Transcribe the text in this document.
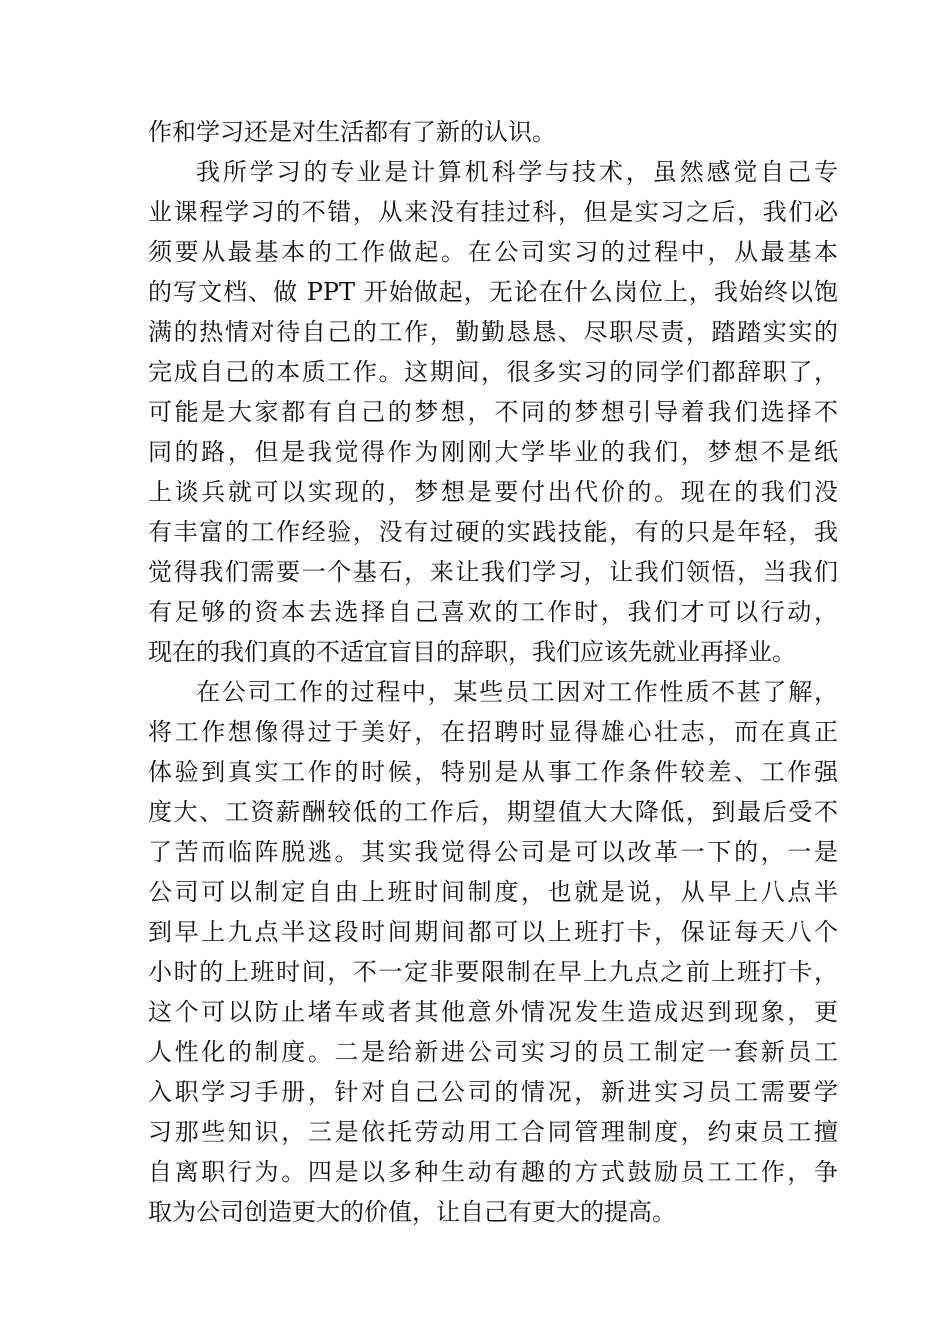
作和学习还是对生活都有了新的认识。
我所学习的专业是计算机科学与技术，虽然感觉自己专
业课程学习的不错，从来没有挂过科，但是实习之后，我们必
须要从最基本的工作做起。在公司实习的过程中，从最基本
的写文档、做 PPT 开始做起，无论在什么岗位上，我始终以饱
满的热情对待自己的工作，勤勤恳恳、尽职尽责，踏踏实实的
完成自己的本质工作。这期间，很多实习的同学们都辞职了，
可能是大家都有自己的梦想，不同的梦想引导着我们选择不
同的路，但是我觉得作为刚刚大学毕业的我们，梦想不是纸
上谈兵就可以实现的，梦想是要付出代价的。现在的我们没
有丰富的工作经验，没有过硬的实践技能，有的只是年轻，我
觉得我们需要一个基石，来让我们学习，让我们领悟，当我们
有足够的资本去选择自己喜欢的工作时，我们才可以行动，
现在的我们真的不适宜盲目的辞职，我们应该先就业再择业。
在公司工作的过程中，某些员工因对工作性质不甚了解，
将工作想像得过于美好，在招聘时显得雄心壮志，而在真正
体验到真实工作的时候，特别是从事工作条件较差、工作强
度大、工资薪酬较低的工作后，期望值大大降低，到最后受不
了苦而临阵脱逃。其实我觉得公司是可以改革一下的，一是
公司可以制定自由上班时间制度，也就是说，从早上八点半
到早上九点半这段时间期间都可以上班打卡，保证每天八个
小时的上班时间，不一定非要限制在早上九点之前上班打卡，
这个可以防止堵车或者其他意外情况发生造成迟到现象，更
人性化的制度。二是给新进公司实习的员工制定一套新员工
入职学习手册，针对自己公司的情况，新进实习员工需要学
习那些知识，三是依托劳动用工合同管理制度，约束员工擅
自离职行为。四是以多种生动有趣的方式鼓励员工工作，争
取为公司创造更大的价值，让自己有更大的提高。
